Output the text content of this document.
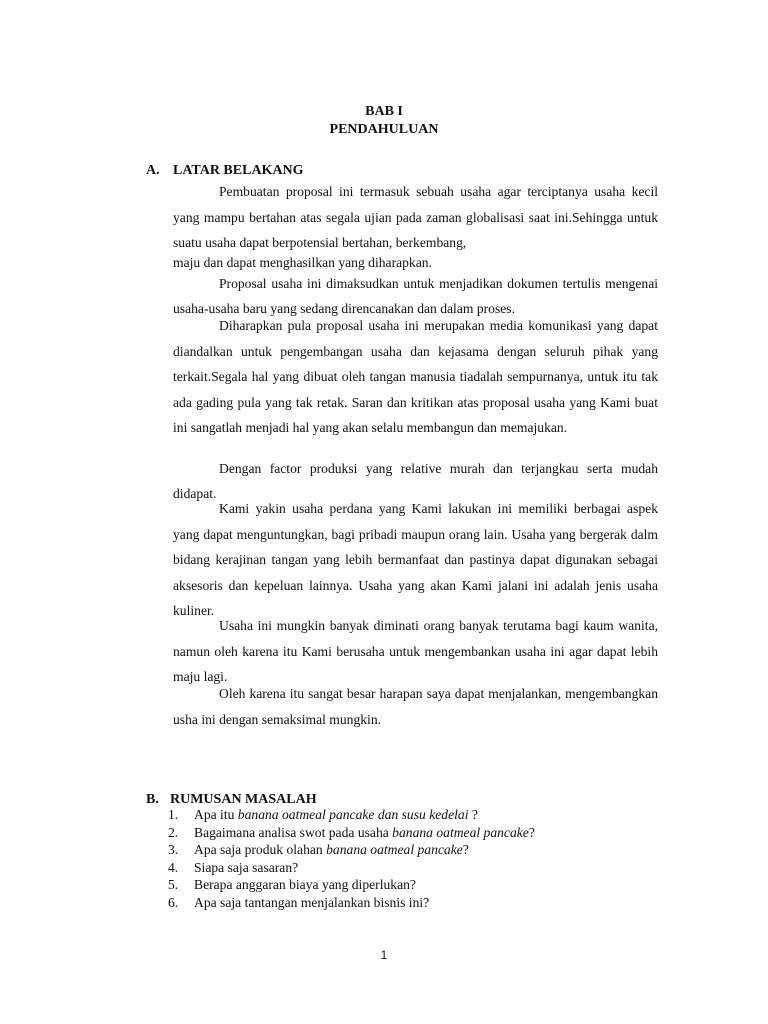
BAB I

PENDAHULUAN

A. LATAR BELAKANG

Pembuatan proposal ini termasuk sebuah usaha agar terciptanya usaha kecil yang mampu bertahan atas segala ujian pada zaman globalisasi saat ini.Sehingga untuk suatu usaha dapat berpotensial bertahan, berkembang,

maju dan dapat menghasilkan yang diharapkan.

Proposal usaha ini dimaksudkan untuk menjadikan dokumen tertulis mengenai usaha-usaha baru yang sedang direncanakan dan dalam proses.

Diharapkan pula proposal usaha ini merupakan media komunikasi yang dapat diandalkan untuk pengembangan usaha dan kejasama dengan seluruh pihak yang terkait.Segala hal yang dibuat oleh tangan manusia tiadalah sempurnanya, untuk itu tak ada gading pula yang tak retak. Saran dan kritikan atas proposal usaha yang Kami buat ini sangatlah menjadi hal yang akan selalu membangun dan memajukan.

Dengan factor produksi yang relative murah dan terjangkau serta mudah didapat.

Kami yakin usaha perdana yang Kami lakukan ini memiliki berbagai aspek yang dapat menguntungkan, bagi pribadi maupun orang lain. Usaha yang bergerak dalm bidang kerajinan tangan yang lebih bermanfaat dan pastinya dapat digunakan sebagai aksesoris dan kepeluan lainnya. Usaha yang akan Kami jalani ini adalah jenis usaha kuliner.

Usaha ini mungkin banyak diminati orang banyak terutama bagi kaum wanita, namun oleh karena itu Kami berusaha untuk mengembankan usaha ini agar dapat lebih maju lagi.

Oleh karena itu sangat besar harapan saya dapat menjalankan, mengembangkan usha ini dengan semaksimal mungkin.

B. RUMUSAN MASALAH

1. Apa itu banana oatmeal pancake dan susu kedelai ?
2. Bagaimana analisa swot pada usaha banana oatmeal pancake?
3. Apa saja produk olahan banana oatmeal pancake?
4. Siapa saja sasaran?
5. Berapa anggaran biaya yang diperlukan?
6. Apa saja tantangan menjalankan bisnis ini?

1
